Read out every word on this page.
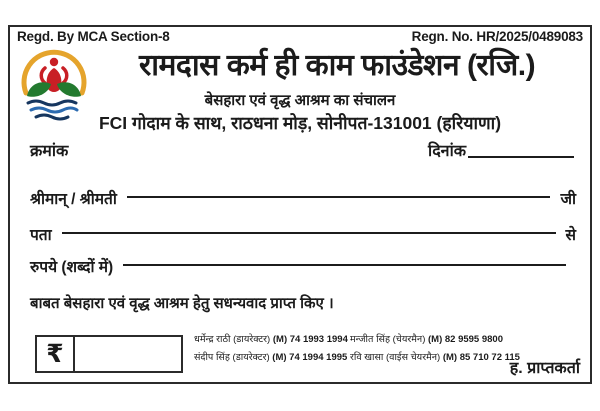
Regd. By MCA Section-8	Regn. No. HR/2025/0489083
रामदास कर्म ही काम फाउंडेशन (रजि.)
बेसहारा एवं वृद्ध आश्रम का संचालन
FCI गोदाम के साथ, राठधना मोड़, सोनीपत-131001 (हरियाणा)
क्रमांक	दिनांक
श्रीमान् / श्रीमती	जी
पता	से
रुपये (शब्दों में)
बाबत बेसहारा एवं वृद्ध आश्रम हेतु सधन्यवाद प्राप्त किए ।
₹
धर्मेन्द्र राठी (डायरेक्टर) (M) 74 1993 1994 मन्जीत सिंह (चेयरमैन) (M) 82 9595 9800
संदीप सिंह (डायरेक्टर) (M) 74 1994 1995 रवि खासा (वाईस चेयरमैन) (M) 85 710 72 115
ह. प्राप्तकर्ता
